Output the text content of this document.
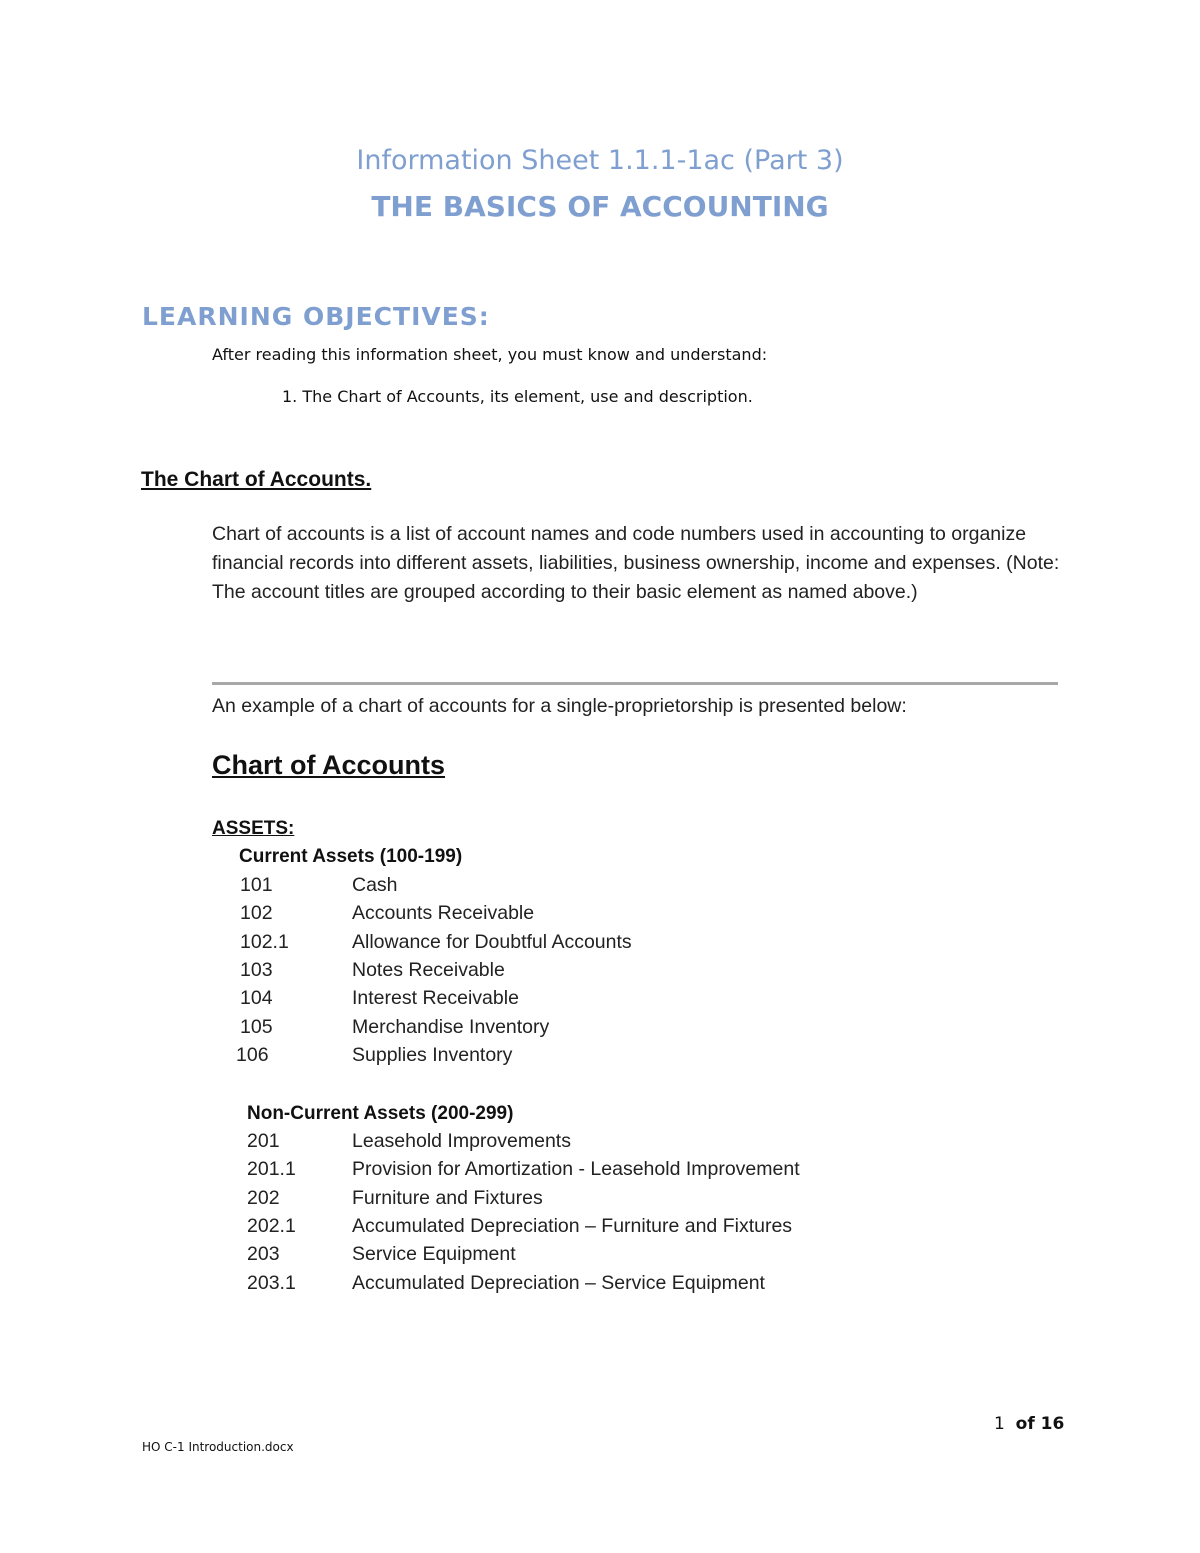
Information Sheet 1.1.1-1ac (Part 3)
THE BASICS OF ACCOUNTING
LEARNING OBJECTIVES:
After reading this information sheet, you must know and understand:
1. The Chart of Accounts, its element, use and description.
The Chart of Accounts.
Chart of accounts is a list of account names and code numbers used in accounting to organize financial records into different assets, liabilities, business ownership, income and expenses. (Note: The account titles are grouped according to their basic element as named above.)
An example of a chart of accounts for a single-proprietorship is presented below:
Chart of Accounts
ASSETS:
Current Assets (100-199)
101	Cash
102	Accounts Receivable
102.1	Allowance for Doubtful Accounts
103	Notes Receivable
104	Interest Receivable
105	Merchandise Inventory
106	Supplies Inventory
Non-Current Assets (200-299)
201	Leasehold Improvements
201.1	Provision for Amortization - Leasehold Improvement
202	Furniture and Fixtures
202.1	Accumulated Depreciation – Furniture and Fixtures
203	Service Equipment
203.1	Accumulated Depreciation – Service Equipment
1 of 16
HO C-1 Introduction.docx
